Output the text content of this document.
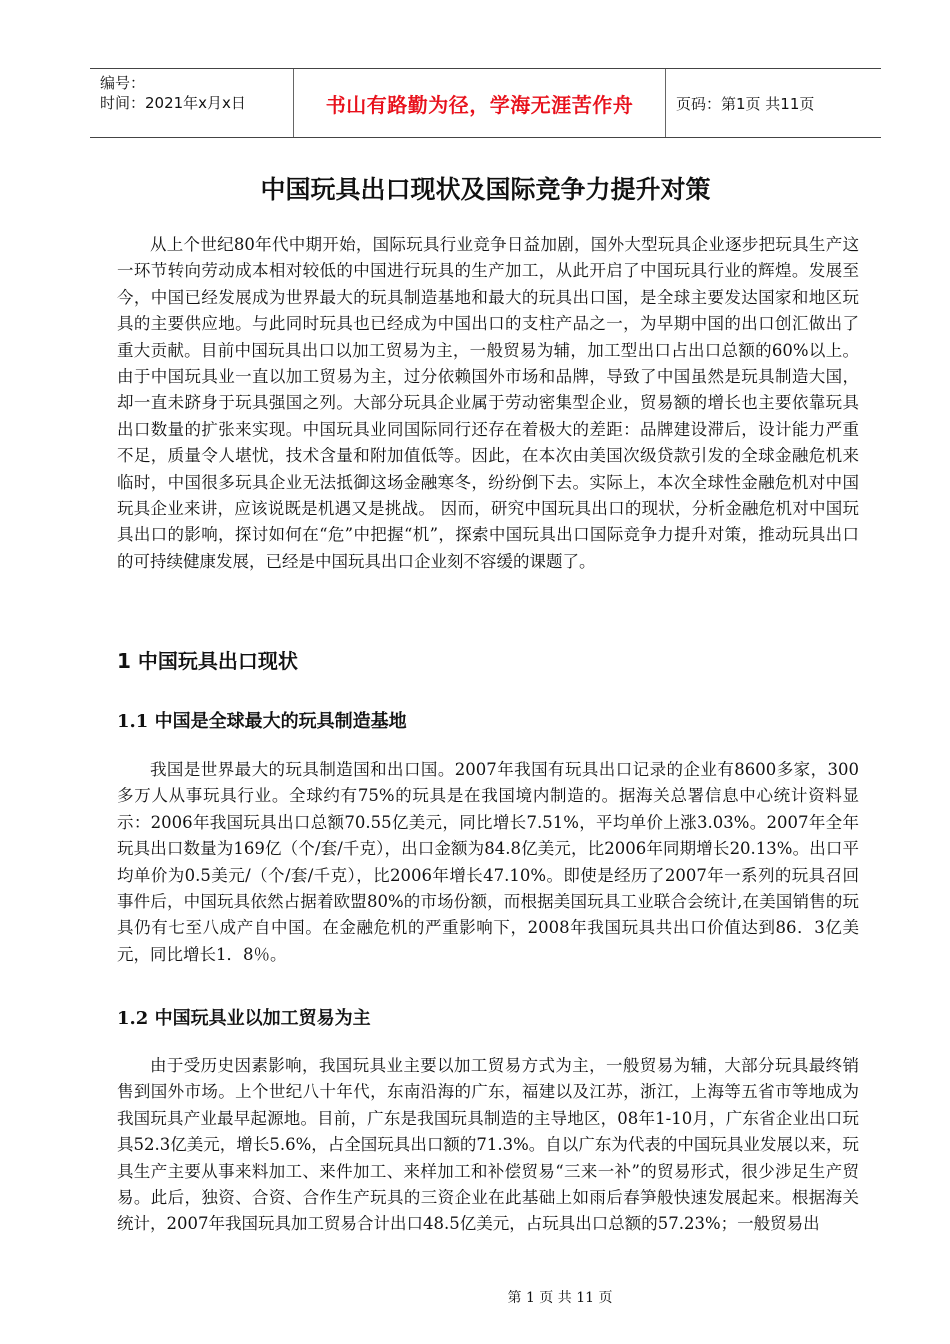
编号：
时间：2021年x月x日	书山有路勤为径，学海无涯苦作舟	页码：第1页 共11页
中国玩具出口现状及国际竞争力提升对策

从上个世纪80年代中期开始，国际玩具行业竞争日益加剧，国外大型玩具企业逐步把玩具生产这一环节转向劳动成本相对较低的中国进行玩具的生产加工，从此开启了中国玩具行业的辉煌。发展至今，中国已经发展成为世界最大的玩具制造基地和最大的玩具出口国，是全球主要发达国家和地区玩具的主要供应地。与此同时玩具也已经成为中国出口的支柱产品之一，为早期中国的出口创汇做出了重大贡献。目前中国玩具出口以加工贸易为主，一般贸易为辅，加工型出口占出口总额的60%以上。由于中国玩具业一直以加工贸易为主，过分依赖国外市场和品牌，导致了中国虽然是玩具制造大国，却一直未跻身于玩具强国之列。大部分玩具企业属于劳动密集型企业，贸易额的增长也主要依靠玩具出口数量的扩张来实现。中国玩具业同国际同行还存在着极大的差距：品牌建设滞后，设计能力严重不足，质量令人堪忧，技术含量和附加值低等。因此，在本次由美国次级贷款引发的全球金融危机来临时，中国很多玩具企业无法抵御这场金融寒冬，纷纷倒下去。实际上，本次全球性金融危机对中国玩具企业来讲，应该说既是机遇又是挑战。 因而，研究中国玩具出口的现状，分析金融危机对中国玩具出口的影响，探讨如何在“危”中把握“机”，探索中国玩具出口国际竞争力提升对策，推动玩具出口的可持续健康发展，已经是中国玩具出口企业刻不容缓的课题了。

1 中国玩具出口现状
1.1 中国是全球最大的玩具制造基地

我国是世界最大的玩具制造国和出口国。2007年我国有玩具出口记录的企业有8600多家，300多万人从事玩具行业。全球约有75%的玩具是在我国境内制造的。据海关总署信息中心统计资料显示：2006年我国玩具出口总额70.55亿美元，同比增长7.51%，平均单价上涨3.03%。2007年全年玩具出口数量为169亿（个/套/千克），出口金额为84.8亿美元，比2006年同期增长20.13%。出口平均单价为0.5美元/（个/套/千克），比2006年增长47.10%。即使是经历了2007年一系列的玩具召回事件后，中国玩具依然占据着欧盟80%的市场份额，而根据美国玩具工业联合会统计,在美国销售的玩具仍有七至八成产自中国。在金融危机的严重影响下，2008年我国玩具共出口价值达到86．3亿美元，同比增长1．8％。

1.2 中国玩具业以加工贸易为主

由于受历史因素影响，我国玩具业主要以加工贸易方式为主，一般贸易为辅，大部分玩具最终销售到国外市场。上个世纪八十年代，东南沿海的广东，福建以及江苏，浙江，上海等五省市等地成为我国玩具产业最早起源地。目前，广东是我国玩具制造的主导地区，08年1-10月，广东省企业出口玩具52.3亿美元，增长5.6%，占全国玩具出口额的71.3%。自以广东为代表的中国玩具业发展以来，玩具生产主要从事来料加工、来件加工、来样加工和补偿贸易“三来一补”的贸易形式，很少涉足生产贸易。此后，独资、合资、合作生产玩具的三资企业在此基础上如雨后春笋般快速发展起来。根据海关统计，2007年我国玩具加工贸易合计出口48.5亿美元，占玩具出口总额的57.23%；一般贸易出

第 1 页 共 11 页
